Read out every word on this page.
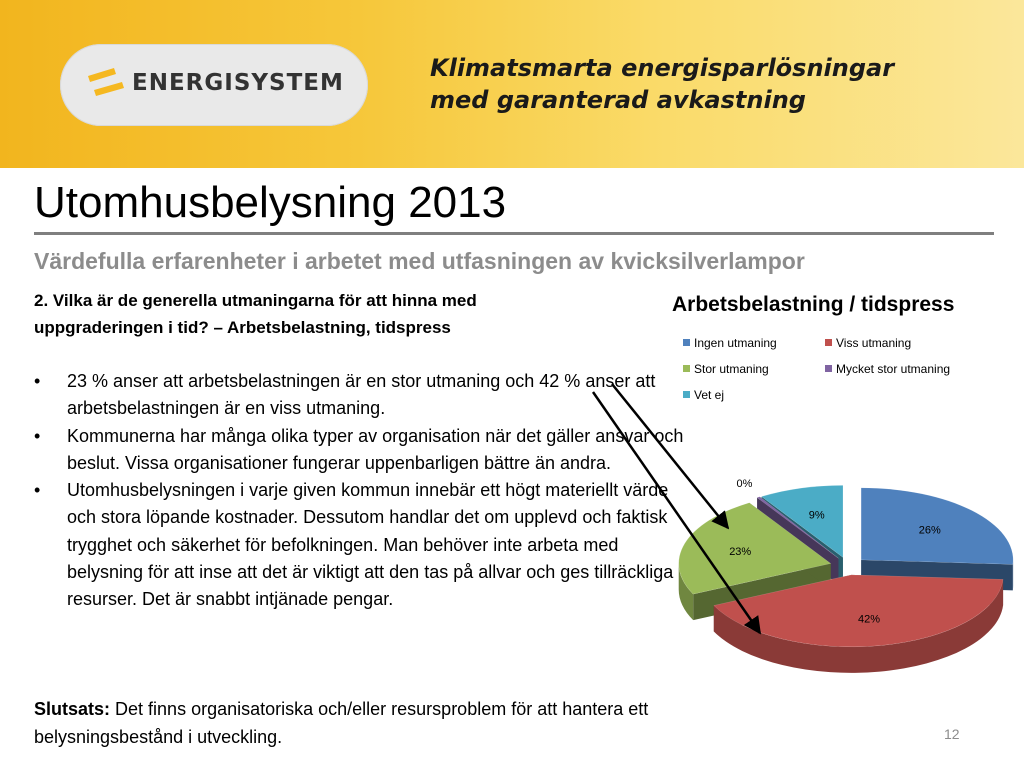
ENERGISYSTEM
Klimatsmarta energisparlösningar
med garanterad avkastning
Utomhusbelysning 2013
Värdefulla erfarenheter i arbetet med utfasningen av kvicksilverlampor
2. Vilka är de generella utmaningarna för att hinna med uppgraderingen i tid? – Arbetsbelastning, tidspress
• 23 % anser att arbetsbelastningen är en stor utmaning och 42 % anser att arbetsbelastningen är en viss utmaning.
• Kommunerna har många olika typer av organisation när det gäller ansvar och beslut. Vissa organisationer fungerar uppenbarligen bättre än andra.
• Utomhusbelysningen i varje given kommun innebär ett högt materiellt värde och stora löpande kostnader. Dessutom handlar det om upplevd och faktisk trygghet och säkerhet för befolkningen. Man behöver inte arbeta med belysning för att inse att det är viktigt att den tas på allvar och ges tillräckliga resurser. Det är snabbt intjänade pengar.
Slutsats: Det finns organisatoriska och/eller resursproblem för att hantera ett belysningsbestånd i utveckling.
Arbetsbelastning / tidspress
Ingen utmaning	Viss utmaning
Stor utmaning	Mycket stor utmaning
Vet ej
26%
42%
23%
0%
9%
12
